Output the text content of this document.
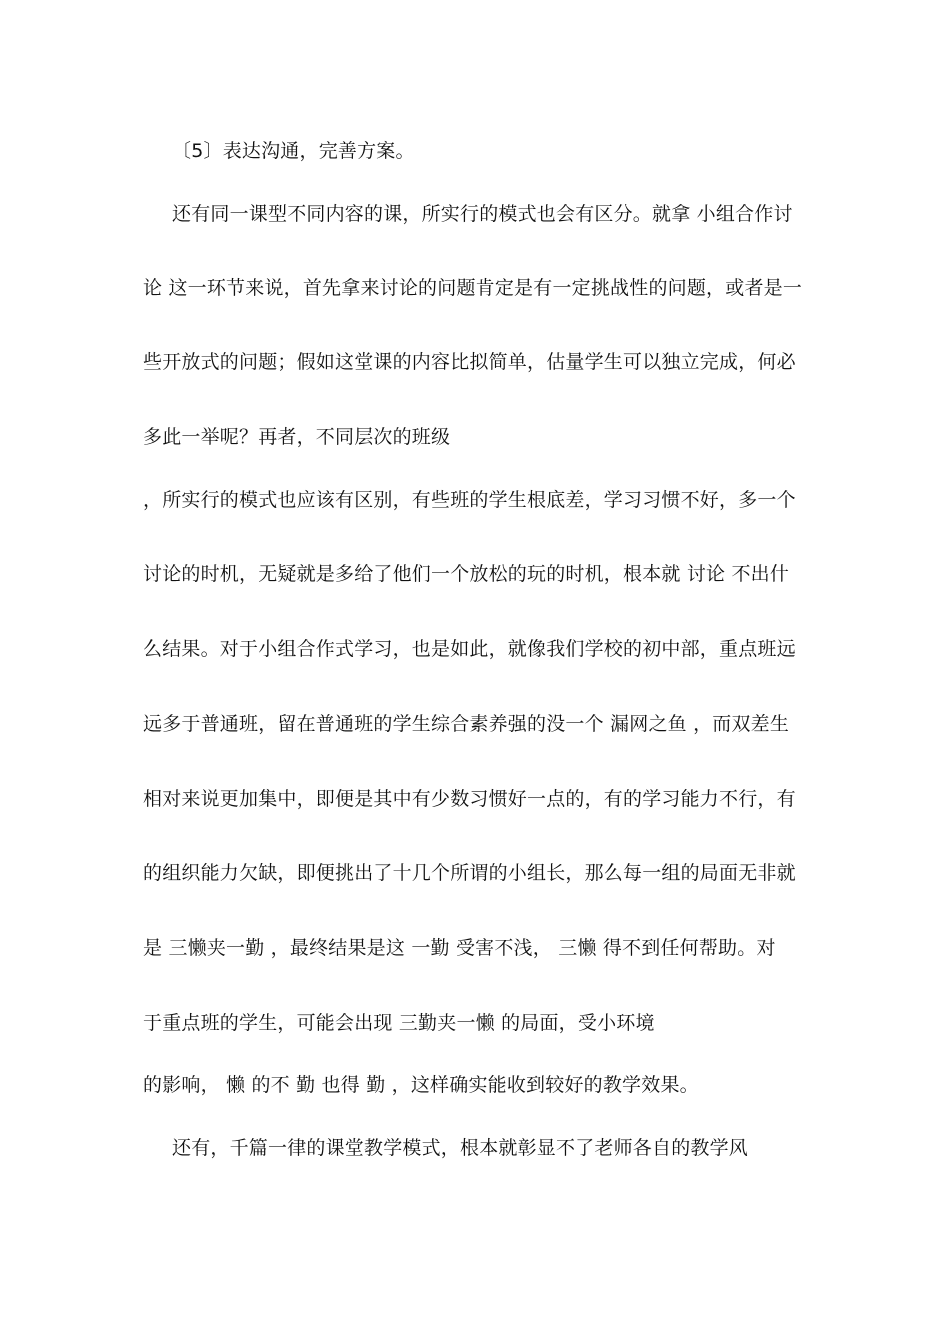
〔5〕表达沟通，完善方案。
还有同一课型不同内容的课，所实行的模式也会有区分。就拿 小组合作讨
论 这一环节来说，首先拿来讨论的问题肯定是有一定挑战性的问题，或者是一
些开放式的问题；假如这堂课的内容比拟简单，估量学生可以独立完成，何必
多此一举呢？再者，不同层次的班级
，所实行的模式也应该有区别，有些班的学生根底差，学习习惯不好，多一个
讨论的时机，无疑就是多给了他们一个放松的玩的时机，根本就 讨论 不出什
么结果。对于小组合作式学习，也是如此，就像我们学校的初中部，重点班远
远多于普通班，留在普通班的学生综合素养强的没一个 漏网之鱼 ，而双差生
相对来说更加集中，即便是其中有少数习惯好一点的，有的学习能力不行，有
的组织能力欠缺，即便挑出了十几个所谓的小组长，那么每一组的局面无非就
是 三懒夹一勤 ，最终结果是这 一勤 受害不浅， 三懒 得不到任何帮助。对
于重点班的学生，可能会出现 三勤夹一懒 的局面，受小环境
的影响， 懒 的不 勤 也得 勤 ，这样确实能收到较好的教学效果。
还有，千篇一律的课堂教学模式，根本就彰显不了老师各自的教学风
